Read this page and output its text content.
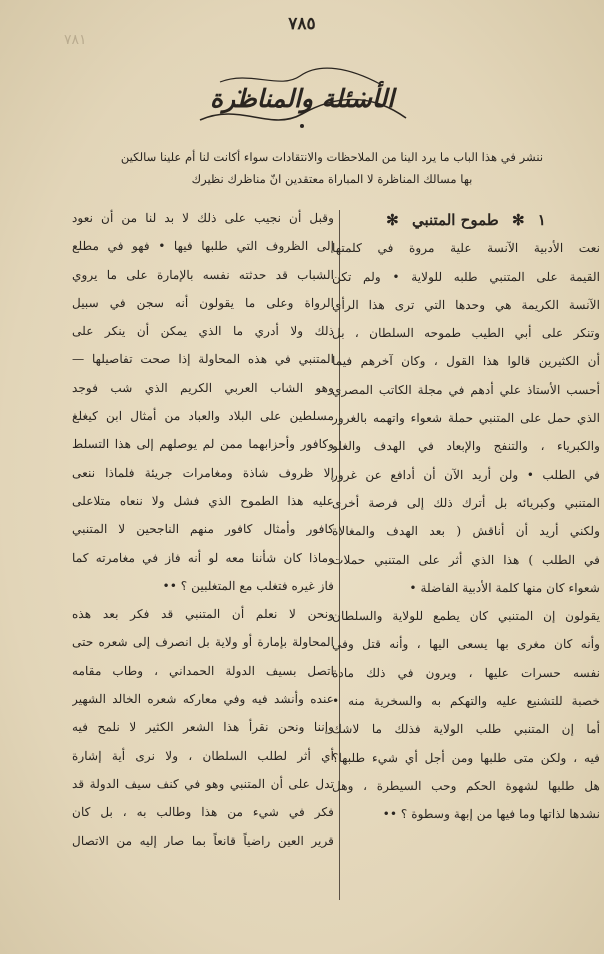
٧٨١
٧٨٥
الأسئلة والمناظرة

ننشر في هذا الباب ما يرد الينا من الملاحظات والانتقادات سواء أكانت لنا أم علينا سالكين

بها مسالك المناظرة لا المباراة معتقدين انّ مناظرك نظيرك

١ ✻ طموح المتنبي ✻

نعت الأدبية الآنسة علية مروة في كلمتها

القيمة على المتنبي طلبه للولاية • ولم تكن

الآنسة الكريمة هي وحدها التي ترى هذا الرأي

وتنكر على أبي الطيب طموحه السلطان ، بل

أن الكثيرين قالوا هذا القول ، وكان آخرهم فيما

أحسب الأستاذ علي أدهم في مجلة الكاتب المصري

الذي حمل على المتنبي حملة شعواء واتهمه بالغرور

والكبرياء ، والتنفج والإبعاد في الهدف والغلو

في الطلب • ولن أريد الآن أن أدافع عن غرور

المتنبي وكبريائه بل أترك ذلك إلى فرصة أخرى

ولكني أريد أن أناقش ( بعد الهدف والمغالاة

في الطلب ) هذا الذي أثر على المتنبي حملات

شعواء كان منها كلمة الأدبية الفاضلة •

يقولون إن المتنبي كان يطمع للولاية والسلطان

وأنه كان مغرى بها يسعى اليها ، وأنه قتل وفي

نفسه حسرات عليها ، ويرون في ذلك مادة

خصبة للتشنيع عليه والتهكم به والسخرية منه •

أما إن المتنبي طلب الولاية فذلك ما لاشك

فيه ، ولكن متى طلبها ومن أجل أي شيء طلبها؟

هل طلبها لشهوة الحكم وحب السيطرة ، وهل

نشدها لذاتها وما فيها من إبهة وسطوة ؟ ••

وقبل أن نجيب على ذلك لا بد لنا من أن نعود

إلى الظروف التي طلبها فيها • فهو في مطلع

الشباب قد حدثته نفسه بالإمارة على ما يروي

الرواة وعلى ما يقولون أنه سجن في سبيل

ذلك ولا أدري ما الذي يمكن أن ينكر على

المتنبي في هذه المحاولة إذا صحت تفاصيلها —

وهو الشاب العربي الكريم الذي شب فوجد

مسلطين على البلاد والعباد من أمثال ابن كيغلغ

وكافور وأحزابهما ممن لم يوصلهم إلى هذا التسلط

إلا ظروف شاذة ومغامرات جريئة فلماذا ننعى

عليه هذا الطموح الذي فشل ولا ننعاه متلاعلى

كافور وأمثال كافور منهم الناجحين لا المتنبي

وماذا كان شأننا معه لو أنه فاز في مغامرته كما

فاز غيره فتغلب مع المتغلبين ؟ ••

ونحن لا نعلم أن المتنبي قد فكر بعد هذه

المحاولة بإمارة أو ولاية بل انصرف إلى شعره حتى

اتصل بسيف الدولة الحمداني ، وطاب مقامه

عنده وأنشد فيه وفي معاركه شعره الخالد الشهير

وإننا ونحن نقرأ هذا الشعر الكثير لا نلمح فيه

أي أثر لطلب السلطان ، ولا نرى أية إشارة

تدل على أن المتنبي وهو في كنف سيف الدولة قد

فكر في شيء من هذا وطالب به ، بل كان

قرير العين راضياً قانعاً بما صار إليه من الاتصال
